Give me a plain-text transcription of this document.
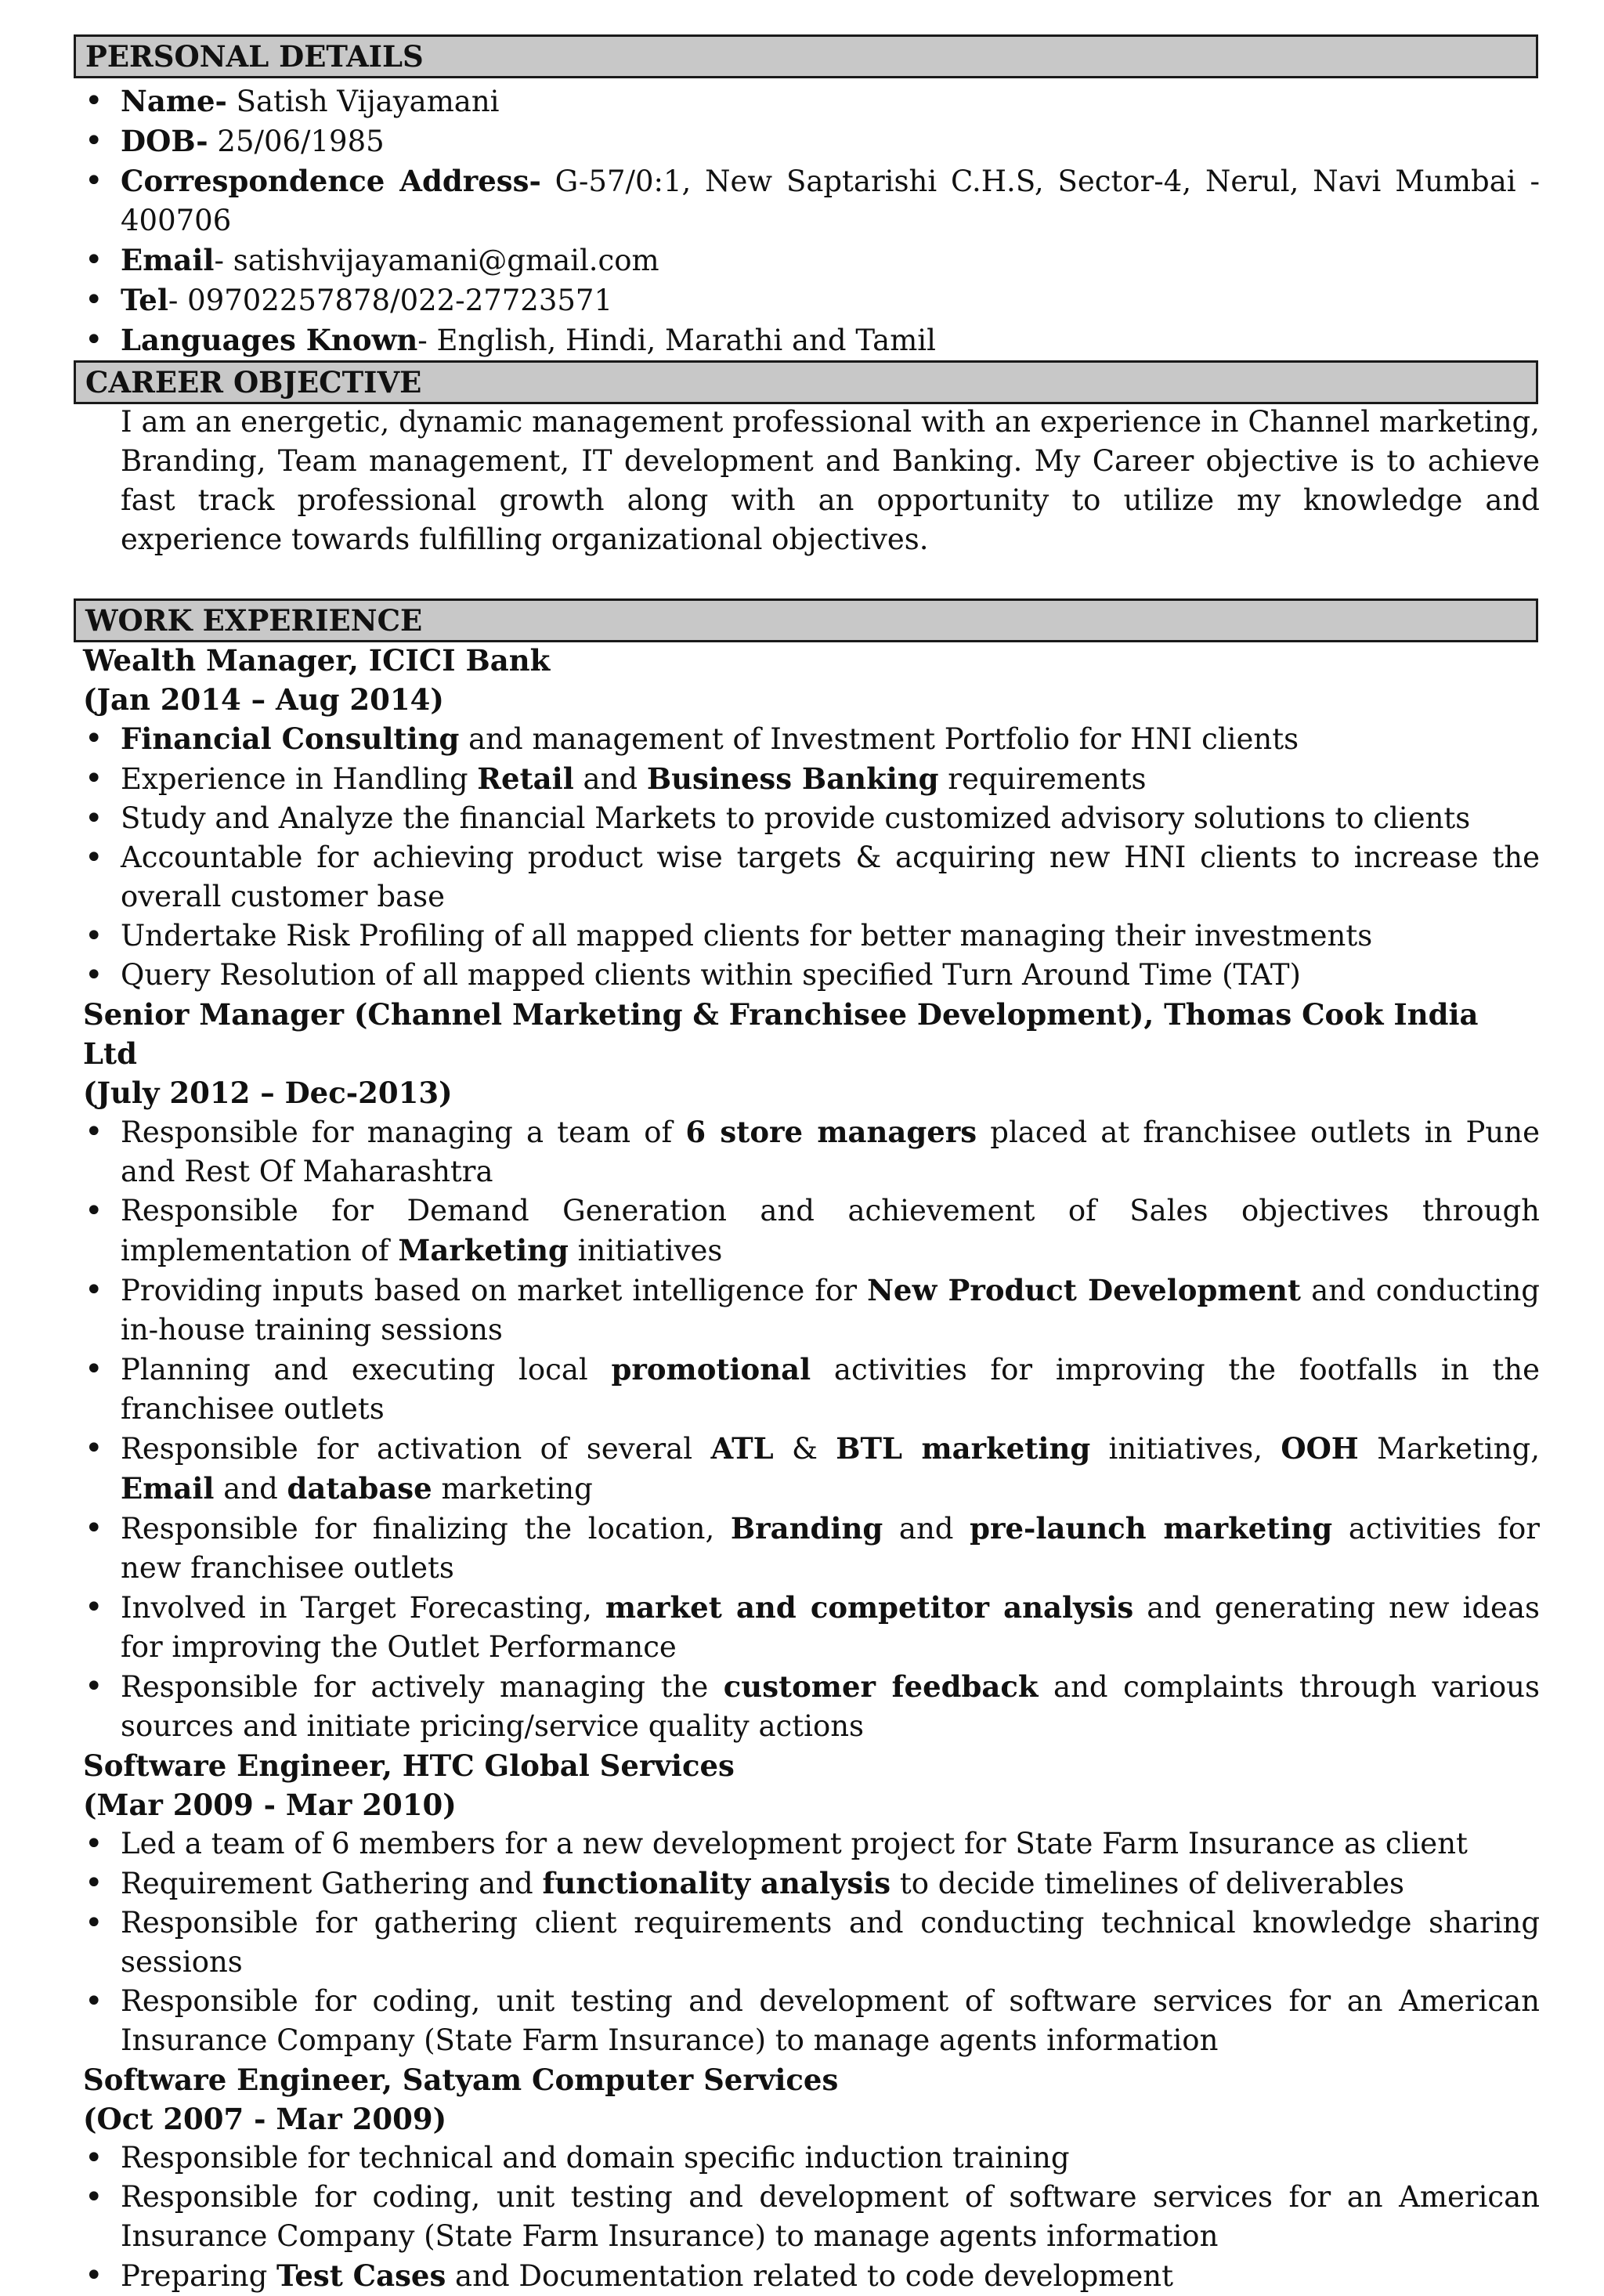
PERSONAL DETAILS
• Name- Satish Vijayamani
• DOB- 25/06/1985
• Correspondence Address- G-57/0:1, New Saptarishi C.H.S, Sector-4, Nerul, Navi Mumbai - 400706
• Email- satishvijayamani@gmail.com
• Tel- 09702257878/022-27723571
• Languages Known- English, Hindi, Marathi and Tamil
CAREER OBJECTIVE

I am an energetic, dynamic management professional with an experience in Channel marketing, Branding, Team management, IT development and Banking. My Career objective is to achieve fast track professional growth along with an opportunity to utilize my knowledge and experience towards fulfilling organizational objectives.

WORK EXPERIENCE
Wealth Manager, ICICI Bank
(Jan 2014 – Aug 2014)
• Financial Consulting and management of Investment Portfolio for HNI clients
• Experience in Handling Retail and Business Banking requirements
• Study and Analyze the financial Markets to provide customized advisory solutions to clients
• Accountable for achieving product wise targets & acquiring new HNI clients to increase the overall customer base
• Undertake Risk Profiling of all mapped clients for better managing their investments
• Query Resolution of all mapped clients within specified Turn Around Time (TAT)
Senior Manager (Channel Marketing & Franchisee Development), Thomas Cook India Ltd
(July 2012 – Dec-2013)
• Responsible for managing a team of 6 store managers placed at franchisee outlets in Pune and Rest Of Maharashtra
• Responsible for Demand Generation and achievement of Sales objectives through implementation of Marketing initiatives
• Providing inputs based on market intelligence for New Product Development and conducting in-house training sessions
• Planning and executing local promotional activities for improving the footfalls in the franchisee outlets
• Responsible for activation of several ATL & BTL marketing initiatives, OOH Marketing, Email and database marketing
• Responsible for finalizing the location, Branding and pre-launch marketing activities for new franchisee outlets
• Involved in Target Forecasting, market and competitor analysis and generating new ideas for improving the Outlet Performance
• Responsible for actively managing the customer feedback and complaints through various sources and initiate pricing/service quality actions
Software Engineer, HTC Global Services
(Mar 2009 - Mar 2010)
• Led a team of 6 members for a new development project for State Farm Insurance as client
• Requirement Gathering and functionality analysis to decide timelines of deliverables
• Responsible for gathering client requirements and conducting technical knowledge sharing sessions
• Responsible for coding, unit testing and development of software services for an American Insurance Company (State Farm Insurance) to manage agents information
Software Engineer, Satyam Computer Services
(Oct 2007 - Mar 2009)
• Responsible for technical and domain specific induction training
• Responsible for coding, unit testing and development of software services for an American Insurance Company (State Farm Insurance) to manage agents information
• Preparing Test Cases and Documentation related to code development
